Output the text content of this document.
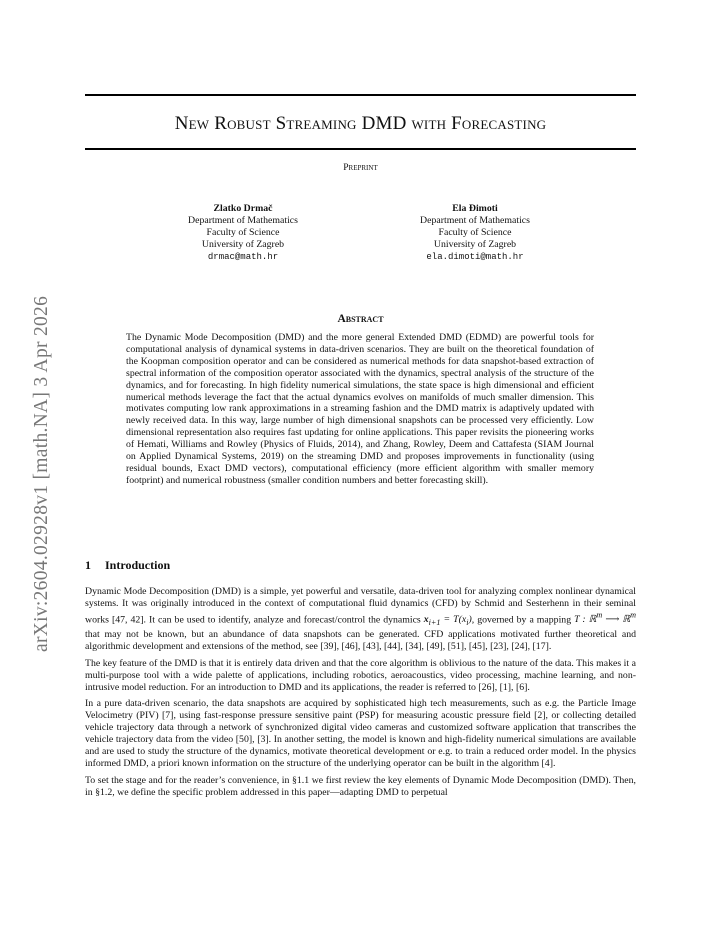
arXiv:2604.02928v1 [math.NA] 3 Apr 2026
New Robust Streaming DMD with Forecasting
Preprint
Zlatko Drmač
Department of Mathematics
Faculty of Science
University of Zagreb
drmac@math.hr
Ela Đimoti
Department of Mathematics
Faculty of Science
University of Zagreb
ela.dimoti@math.hr
Abstract
The Dynamic Mode Decomposition (DMD) and the more general Extended DMD (EDMD) are powerful tools for computational analysis of dynamical systems in data-driven scenarios. They are built on the theoretical foundation of the Koopman composition operator and can be considered as numerical methods for data snapshot-based extraction of spectral information of the composition operator associated with the dynamics, spectral analysis of the structure of the dynamics, and for forecasting. In high fidelity numerical simulations, the state space is high dimensional and efficient numerical methods leverage the fact that the actual dynamics evolves on manifolds of much smaller dimension. This motivates computing low rank approximations in a streaming fashion and the DMD matrix is adaptively updated with newly received data. In this way, large number of high dimensional snapshots can be processed very efficiently. Low dimensional representation also requires fast updating for online applications. This paper revisits the pioneering works of Hemati, Williams and Rowley (Physics of Fluids, 2014), and Zhang, Rowley, Deem and Cattafesta (SIAM Journal on Applied Dynamical Systems, 2019) on the streaming DMD and proposes improvements in functionality (using residual bounds, Exact DMD vectors), computational efficiency (more efficient algorithm with smaller memory footprint) and numerical robustness (smaller condition numbers and better forecasting skill).
1 Introduction

Dynamic Mode Decomposition (DMD) is a simple, yet powerful and versatile, data-driven tool for analyzing complex nonlinear dynamical systems. It was originally introduced in the context of computational fluid dynamics (CFD) by Schmid and Sesterhenn in their seminal works [47, 42]. It can be used to identify, analyze and forecast/control the dynamics $x_{i+1} = T(x_i)$, governed by a mapping T : ℝ$^m$ ⟶ ℝ$^m$ that may not be known, but an abundance of data snapshots can be generated. CFD applications motivated further theoretical and algorithmic development and extensions of the method, see [39], [46], [43], [44], [34], [49], [51], [45], [23], [24], [17].

The key feature of the DMD is that it is entirely data driven and that the core algorithm is oblivious to the nature of the data. This makes it a multi-purpose tool with a wide palette of applications, including robotics, aeroacoustics, video processing, machine learning, and non-intrusive model reduction. For an introduction to DMD and its applications, the reader is referred to [26], [1], [6].

In a pure data-driven scenario, the data snapshots are acquired by sophisticated high tech measurements, such as e.g. the Particle Image Velocimetry (PIV) [7], using fast-response pressure sensitive paint (PSP) for measuring acoustic pressure field [2], or collecting detailed vehicle trajectory data through a network of synchronized digital video cameras and customized software application that transcribes the vehicle trajectory data from the video [50], [3]. In another setting, the model is known and high-fidelity numerical simulations are available and are used to study the structure of the dynamics, motivate theoretical development or e.g. to train a reduced order model. In the physics informed DMD, a priori known information on the structure of the underlying operator can be built in the algorithm [4].

To set the stage and for the reader’s convenience, in §1.1 we first review the key elements of Dynamic Mode Decomposition (DMD). Then, in §1.2, we define the specific problem addressed in this paper—adapting DMD to perpetual
